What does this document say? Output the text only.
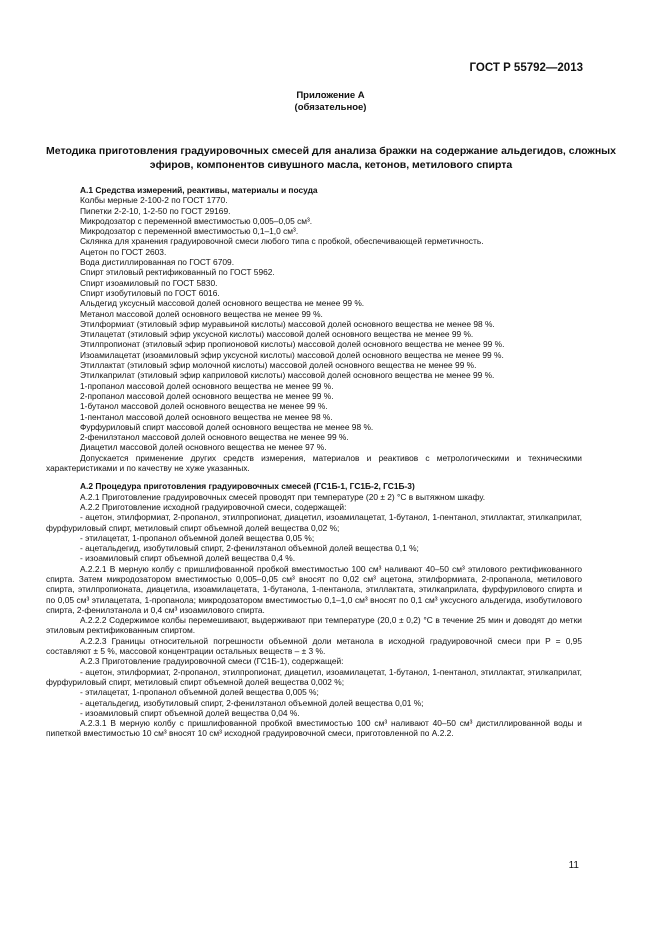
ГОСТ Р 55792—2013
Приложение А
(обязательное)
Методика приготовления градуировочных смесей для анализа бражки на содержание альдегидов, сложных эфиров, компонентов сивушного масла, кетонов, метилового спирта

А.1 Средства измерений, реактивы, материалы и посуда

Колбы мерные 2-100-2 по ГОСТ 1770.

Пипетки 2-2-10, 1-2-50 по ГОСТ 29169.

Микродозатор с переменной вместимостью 0,005–0,05 см³.

Микродозатор с переменной вместимостью 0,1–1,0 см³.

Склянка для хранения градуировочной смеси любого типа с пробкой, обеспечивающей герметичность.

Ацетон по ГОСТ 2603.

Вода дистиллированная по ГОСТ 6709.

Спирт этиловый ректификованный по ГОСТ 5962.

Спирт изоамиловый по ГОСТ 5830.

Спирт изобутиловый по ГОСТ 6016.

Альдегид уксусный массовой долей основного вещества не менее 99 %.

Метанол массовой долей основного вещества не менее 99 %.

Этилформиат (этиловый эфир муравьиной кислоты) массовой долей основного вещества не менее 98 %.

Этилацетат (этиловый эфир уксусной кислоты) массовой долей основного вещества не менее 99 %.

Этилпропионат (этиловый эфир пропионовой кислоты) массовой долей основного вещества не менее 99 %.

Изоамилацетат (изоамиловый эфир уксусной кислоты) массовой долей основного вещества не менее 99 %.

Этиллактат (этиловый эфир молочной кислоты) массовой долей основного вещества не менее 99 %.

Этилкаприлат (этиловый эфир каприловой кислоты) массовой долей основного вещества не менее 99 %.

1-пропанол массовой долей основного вещества не менее 99 %.

2-пропанол массовой долей основного вещества не менее 99 %.

1-бутанол массовой долей основного вещества не менее 99 %.

1-пентанол массовой долей основного вещества не менее 98 %.

Фурфуриловый спирт массовой долей основного вещества не менее 98 %.

2-фенилэтанол массовой долей основного вещества не менее 99 %.

Диацетил массовой долей основного вещества не менее 97 %.

Допускается применение других средств измерения, материалов и реактивов с метрологическими и техническими характеристиками и по качеству не хуже указанных.

А.2 Процедура приготовления градуировочных смесей (ГС1Б-1, ГС1Б-2, ГС1Б-3)

А.2.1 Приготовление градуировочных смесей проводят при температуре (20 ± 2) °С в вытяжном шкафу.

А.2.2 Приготовление исходной градуировочной смеси, содержащей:

- ацетон, этилформиат, 2-пропанол, этилпропионат, диацетил, изоамилацетат, 1-бутанол, 1-пентанол, этиллактат, этилкаприлат, фурфуриловый спирт, метиловый спирт объемной долей вещества 0,02 %;

- этилацетат, 1-пропанол объемной долей вещества 0,05 %;

- ацетальдегид, изобутиловый спирт, 2-фенилэтанол объемной долей вещества 0,1 %;

- изоамиловый спирт объемной долей вещества 0,4 %.

А.2.2.1 В мерную колбу с пришлифованной пробкой вместимостью 100 см³ наливают 40–50 см³ этилового ректификованного спирта. Затем микродозатором вместимостью 0,005–0,05 см³ вносят по 0,02 см³ ацетона, этилформиата, 2-пропанола, метилового спирта, этилпропионата, диацетила, изоамилацетата, 1-бутанола, 1-пентанола, этиллактата, этилкаприлата, фурфурилового спирта и по 0,05 см³ этилацетата, 1-пропанола; микродозатором вместимостью 0,1–1,0 см³ вносят по 0,1 см³ уксусного альдегида, изобутилового спирта, 2-фенилэтанола и 0,4 см³ изоамилового спирта.

А.2.2.2 Содержимое колбы перемешивают, выдерживают при температуре (20,0 ± 0,2) °С в течение 25 мин и доводят до метки этиловым ректификованным спиртом.

А.2.2.3 Границы относительной погрешности объемной доли метанола в исходной градуировочной смеси при P = 0,95 составляют ± 5 %, массовой концентрации остальных веществ – ± 3 %.

А.2.3 Приготовление градуировочной смеси (ГС1Б-1), содержащей:

- ацетон, этилформиат, 2-пропанол, этилпропионат, диацетил, изоамилацетат, 1-бутанол, 1-пентанол, этиллактат, этилкаприлат, фурфуриловый спирт, метиловый спирт объемной долей вещества 0,002 %;

- этилацетат, 1-пропанол объемной долей вещества 0,005 %;

- ацетальдегид, изобутиловый спирт, 2-фенилэтанол объемной долей вещества 0,01 %;

- изоамиловый спирт объемной долей вещества 0,04 %.

А.2.3.1 В мерную колбу с пришлифованной пробкой вместимостью 100 см³ наливают 40–50 см³ дистиллированной воды и пипеткой вместимостью 10 см³ вносят 10 см³ исходной градуировочной смеси, приготовленной по А.2.2.

11
